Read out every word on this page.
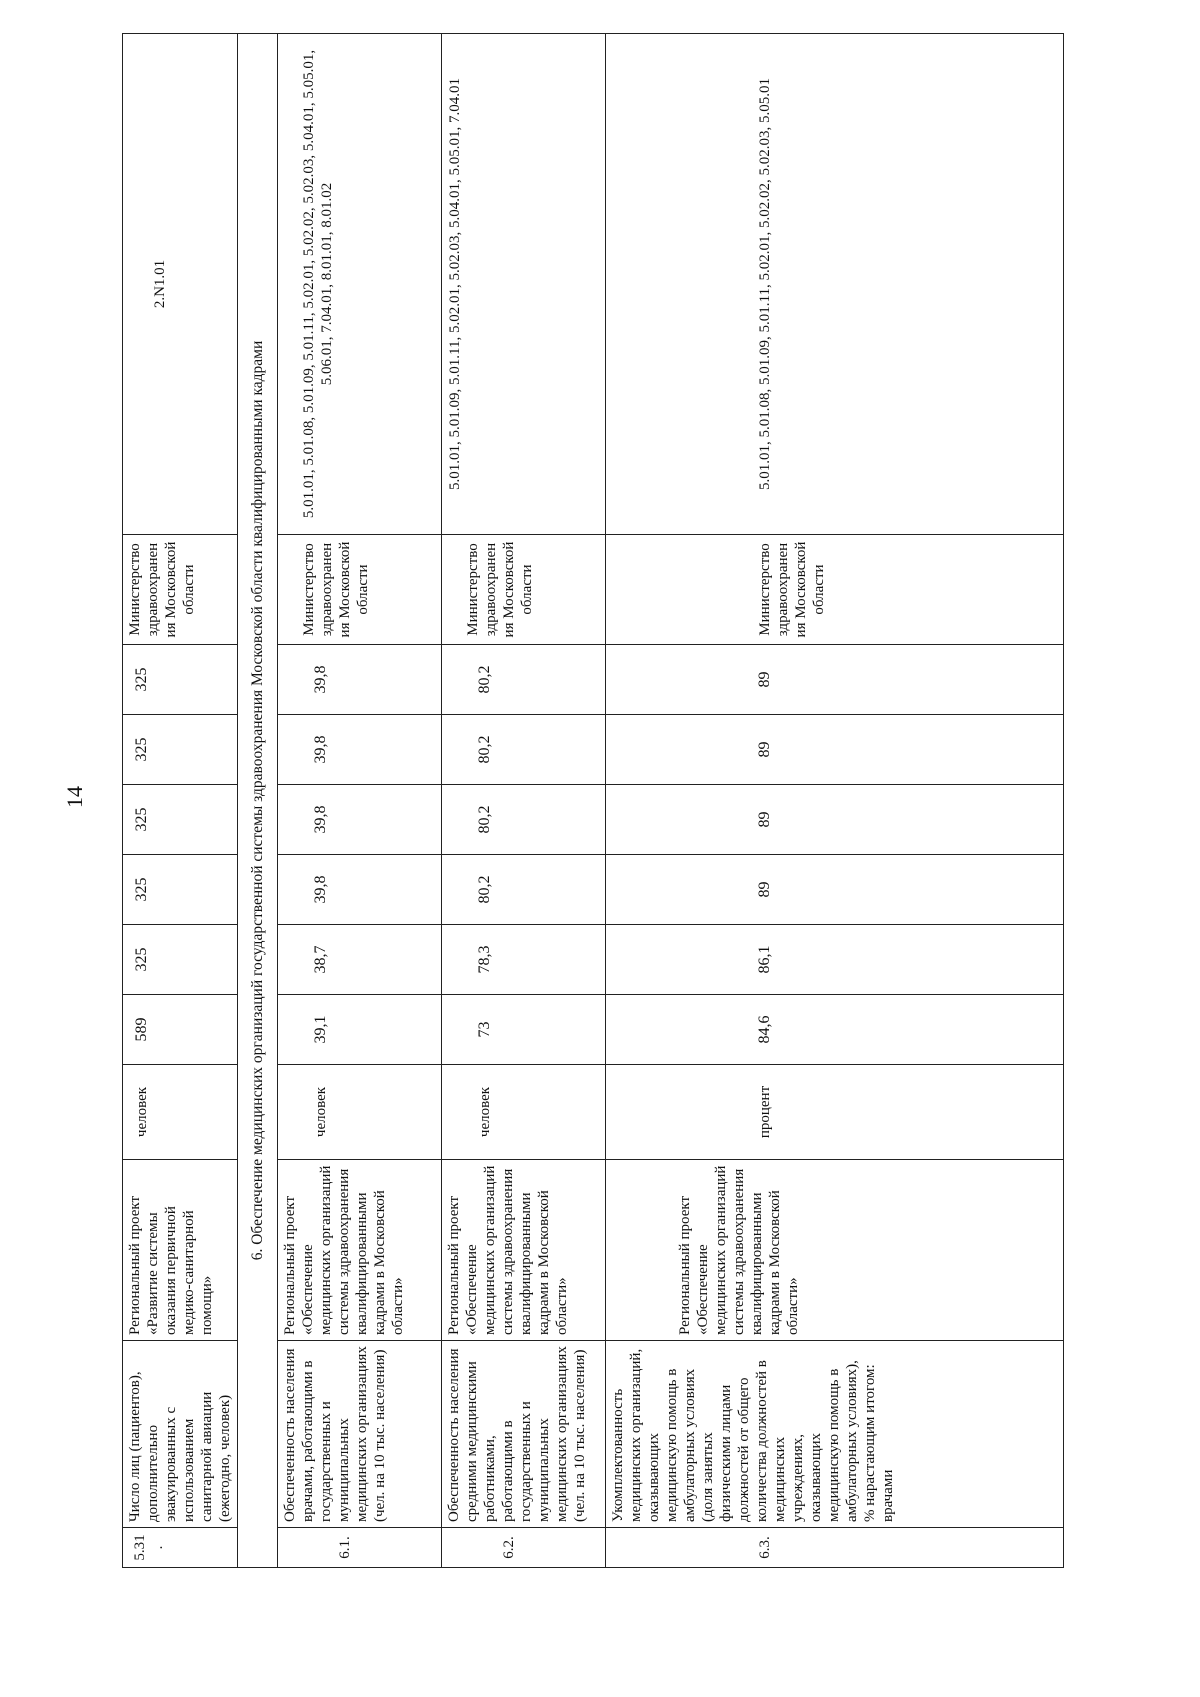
14
5.31.	Число лиц (пациентов), дополнительно эвакуированных с использованием санитарной авиации (ежегодно, человек)	Региональный проект «Развитие системы оказания первичной медико-санитарной помощи»	человек	589	325	325	325	325	325	Министерство здравоохранения Московской области	2.N1.01
6. Обеспечение медицинских организаций государственной системы здравоохранения Московской области квалифицированными кадрами											
6.1.	Обеспеченность населения врачами, работающими в государственных и муниципальных медицинских организациях (чел. на 10 тыс. населения)	Региональный проект «Обеспечение медицинских организаций системы здравоохранения квалифицированными кадрами в Московской области»	человек	39,1	38,7	39,8	39,8	39,8	39,8	Министерство здравоохранения Московской области	5.01.01, 5.01.08, 5.01.09, 5.01.11, 5.02.01, 5.02.02, 5.02.03, 5.04.01, 5.05.01, 5.06.01, 7.04.01, 8.01.01, 8.01.02
6.2.	Обеспеченность населения средними медицинскими работниками, работающими в государственных и муниципальных медицинских организациях (чел. на 10 тыс. населения)	Региональный проект «Обеспечение медицинских организаций системы здравоохранения квалифицированными кадрами в Московской области»	человек	73	78,3	80,2	80,2	80,2	80,2	Министерство здравоохранения Московской области	5.01.01, 5.01.09, 5.01.11, 5.02.01, 5.02.03, 5.04.01, 5.05.01, 7.04.01
6.3.	Укомплектованность медицинских организаций, оказывающих медицинскую помощь в амбулаторных условиях (доля занятых физическими лицами должностей от общего количества должностей в медицинских учреждениях, оказывающих медицинскую помощь в амбулаторных условиях), % нарастающим итогом: врачами	Региональный проект «Обеспечение медицинских организаций системы здравоохранения квалифицированными кадрами в Московской области»	процент	84,6	86,1	89	89	89	89	Министерство здравоохранения Московской области	5.01.01, 5.01.08, 5.01.09, 5.01.11, 5.02.01, 5.02.02, 5.02.03, 5.05.01
